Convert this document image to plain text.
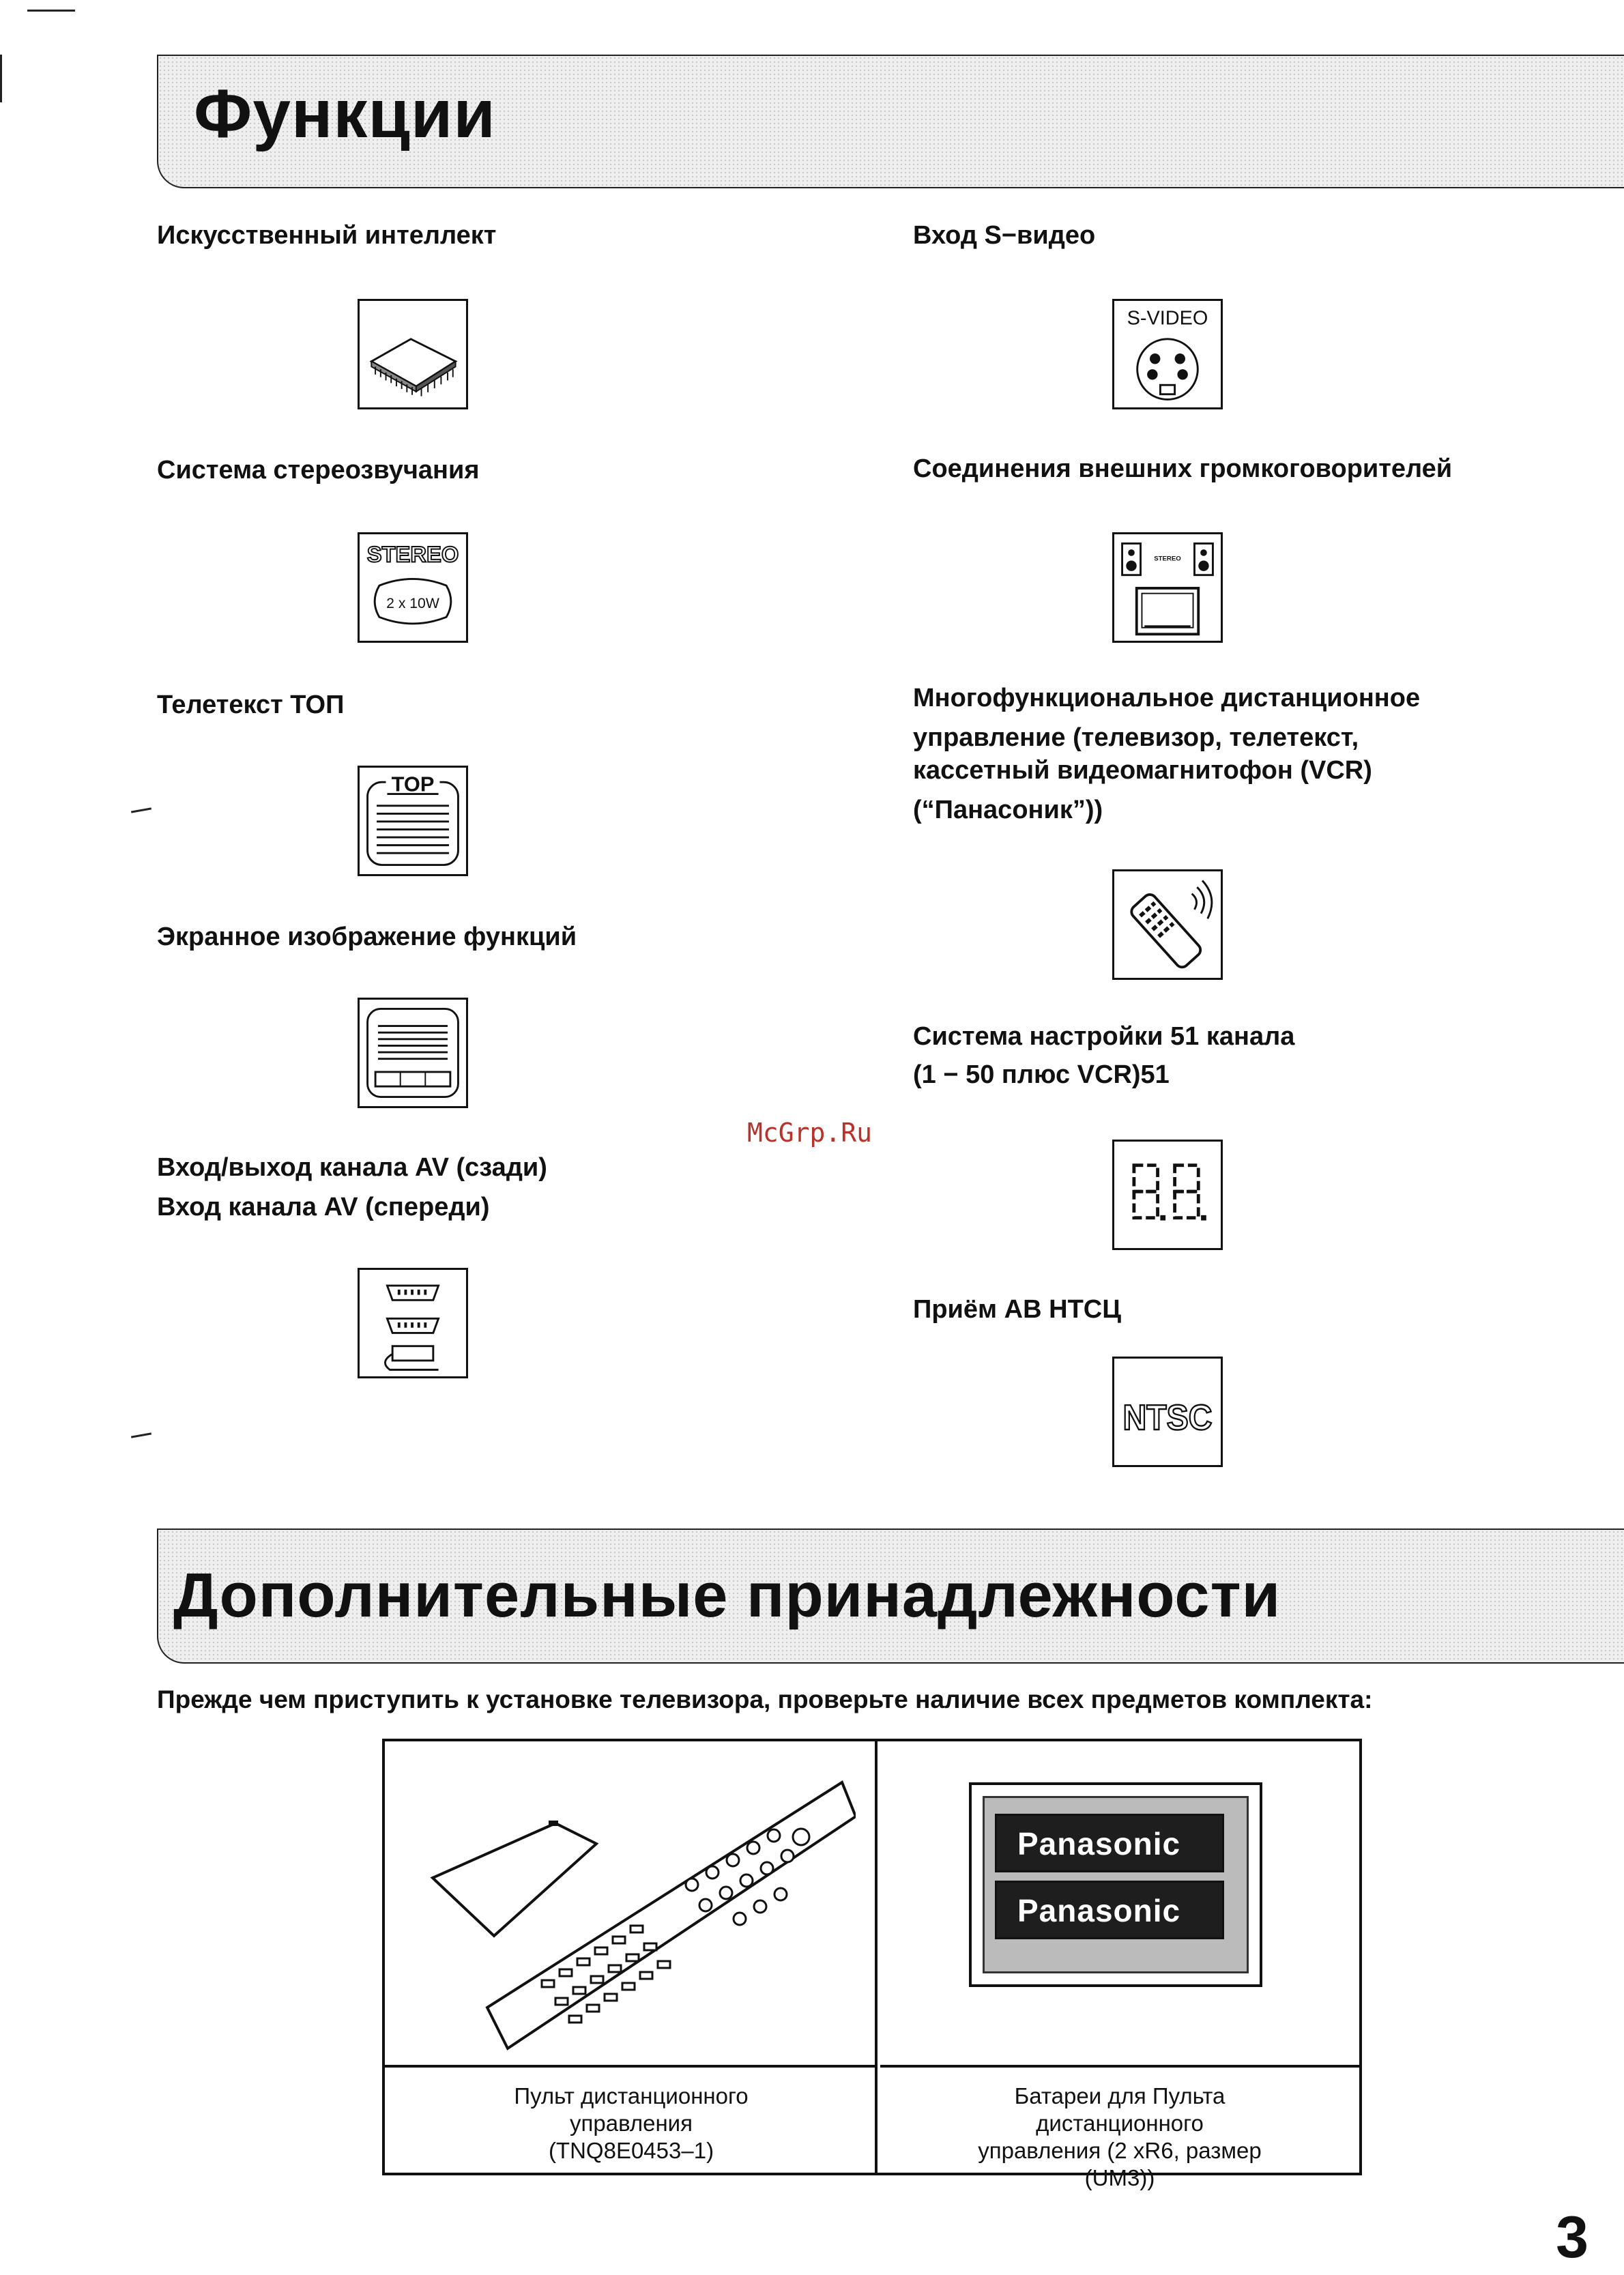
Функции
Искусственный интеллект
Система стереозвучания
STEREO
2 x 10W
Телетекст ТОП
TOP
Экранное изображение функций
Вход/выход канала AV (сзади)
Вход канала AV (спереди)
Вход S−видео
S-VIDEO
Соединения внешних громкоговорителей
STEREO
Многофункциональное дистанционное
управление (телевизор, телетекст,
кассетный видеомагнитофон (VCR)
(“Панасоник”))
Система настройки 51 канала
(1 − 50 плюс VCR)51
Приём АВ НТСЦ
NTSC
McGrp.Ru
Дополнительные принадлежности
Прежде чем приступить к установке телевизора, проверьте наличие всех предметов комплекта:
Пульт дистанционного
управления
(TNQ8E0453–1)
Panasonic
Panasonic
Батареи для Пульта
дистанционного
управления (2 xR6, размер
(UM3))
3
